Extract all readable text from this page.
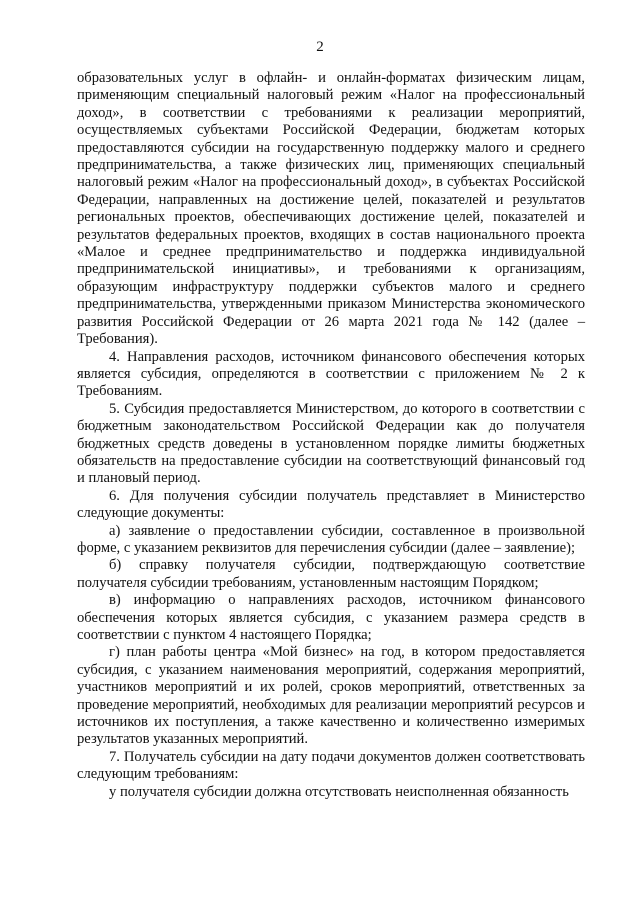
2

образовательных услуг в офлайн- и онлайн-форматах физическим лицам, применяющим специальный налоговый режим «Налог на профессиональный доход», в соответствии с требованиями к реализации мероприятий, осуществляемых субъектами Российской Федерации, бюджетам которых предоставляются субсидии на государственную поддержку малого и среднего предпринимательства, а также физических лиц, применяющих специальный налоговый режим «Налог на профессиональный доход», в субъектах Российской Федерации, направленных на достижение целей, показателей и результатов региональных проектов, обеспечивающих достижение целей, показателей и результатов федеральных проектов, входящих в состав национального проекта «Малое и среднее предпринимательство и поддержка индивидуальной предпринимательской инициативы», и требованиями к организациям, образующим инфраструктуру поддержки субъектов малого и среднего предпринимательства, утвержденными приказом Министерства экономического развития Российской Федерации от 26 марта 2021 года № 142 (далее – Требования).

4. Направления расходов, источником финансового обеспечения которых является субсидия, определяются в соответствии с приложением № 2 к Требованиям.

5. Субсидия предоставляется Министерством, до которого в соответствии с бюджетным законодательством Российской Федерации как до получателя бюджетных средств доведены в установленном порядке лимиты бюджетных обязательств на предоставление субсидии на соответствующий финансовый год и плановый период.

6. Для получения субсидии получатель представляет в Министерство следующие документы:

а) заявление о предоставлении субсидии, составленное в произвольной форме, с указанием реквизитов для перечисления субсидии (далее – заявление);

б) справку получателя субсидии, подтверждающую соответствие получателя субсидии требованиям, установленным настоящим Порядком;

в) информацию о направлениях расходов, источником финансового обеспечения которых является субсидия, с указанием размера средств в соответствии с пунктом 4 настоящего Порядка;

г) план работы центра «Мой бизнес» на год, в котором предоставляется субсидия, с указанием наименования мероприятий, содержания мероприятий, участников мероприятий и их ролей, сроков мероприятий, ответственных за проведение мероприятий, необходимых для реализации мероприятий ресурсов и источников их поступления, а также качественно и количественно измеримых результатов указанных мероприятий.

7. Получатель субсидии на дату подачи документов должен соответствовать следующим требованиям:

у получателя субсидии должна отсутствовать неисполненная обязанность
